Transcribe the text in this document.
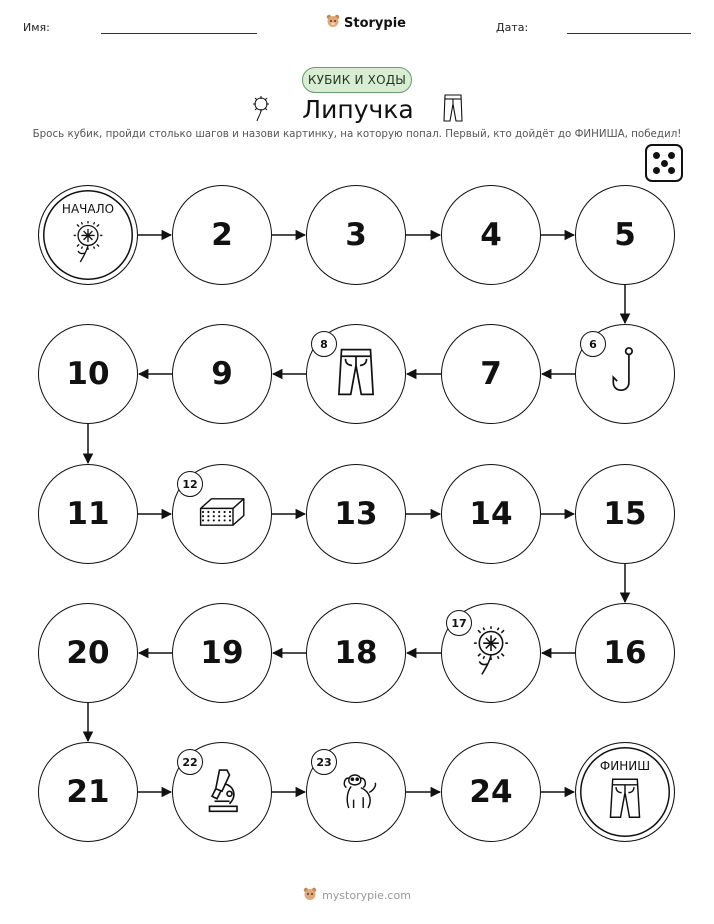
Имя:	Storypie	Дата:
КУБИК И ХОДЫ
Липучка
Брось кубик, пройди столько шагов и назови картинку, на которую попал. Первый, кто дойдёт до ФИНИША, победил!
НАЧАЛО
2	3	4	5
6
7
8
9
10
11
12
13	14	15
16
17
18
19
20
21
22	23
24
ФИНИШ
mystorypie.com
